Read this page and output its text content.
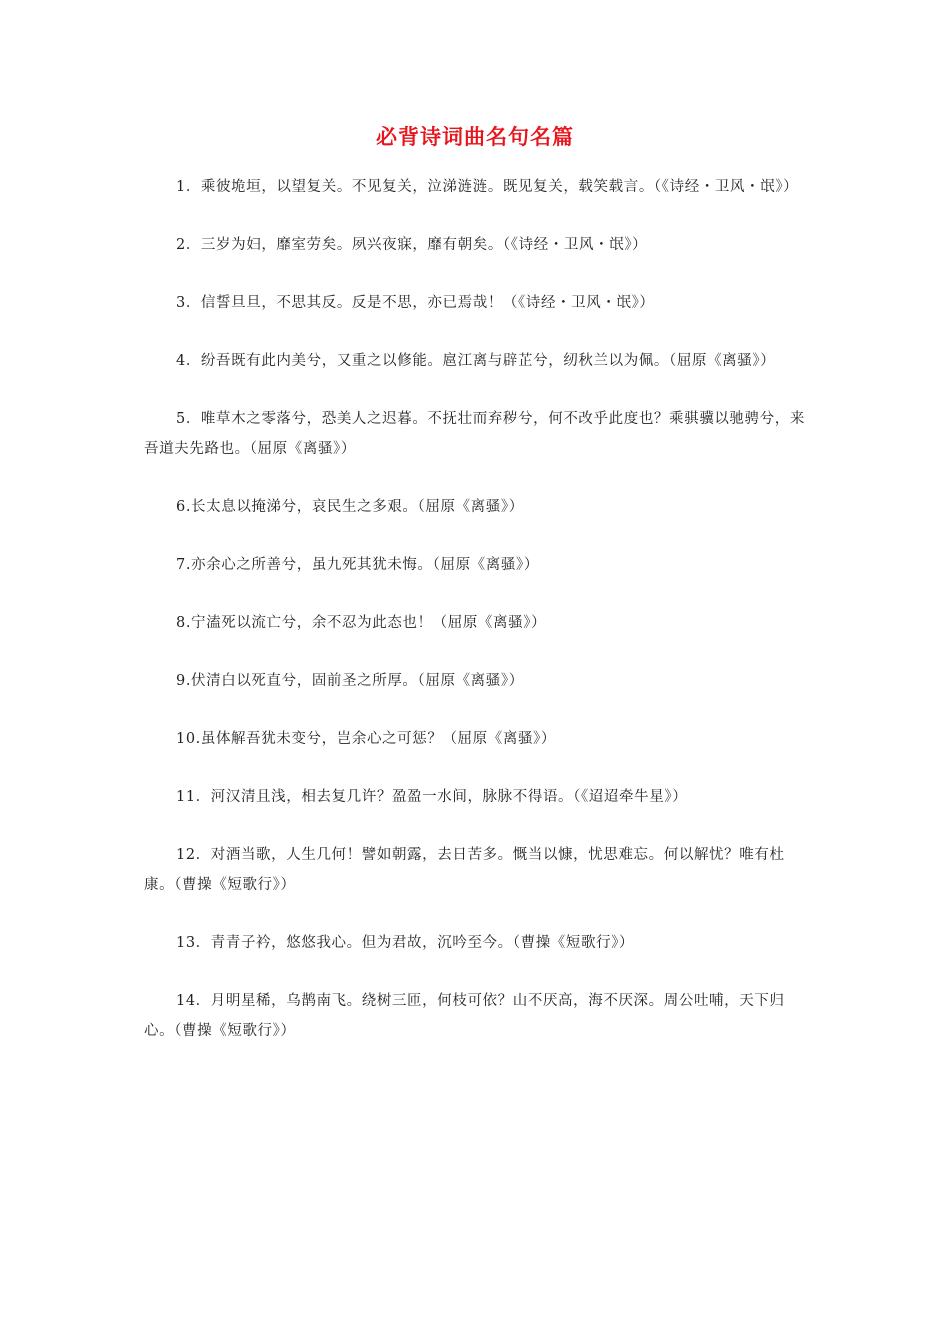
必背诗词曲名句名篇

1．乘彼垝垣，以望复关。不见复关，泣涕涟涟。既见复关，载笑载言。（《诗经・卫风・氓》）

2．三岁为妇，靡室劳矣。夙兴夜寐，靡有朝矣。（《诗经・卫风・氓》）

3．信誓旦旦，不思其反。反是不思，亦已焉哉！（《诗经・卫风・氓》）

4．纷吾既有此内美兮，又重之以修能。扈江离与辟芷兮，纫秋兰以为佩。（屈原《离骚》）

5．唯草木之零落兮，恐美人之迟暮。不抚壮而弃秽兮，何不改乎此度也？乘骐骥以驰骋兮，来吾道夫先路也。（屈原《离骚》）

6.长太息以掩涕兮，哀民生之多艰。（屈原《离骚》）

7.亦余心之所善兮，虽九死其犹未悔。（屈原《离骚》）

8.宁溘死以流亡兮，余不忍为此态也！（屈原《离骚》）

9.伏清白以死直兮，固前圣之所厚。（屈原《离骚》）

10.虽体解吾犹未变兮，岂余心之可惩？（屈原《离骚》）

11．河汉清且浅，相去复几许？盈盈一水间，脉脉不得语。（《迢迢牵牛星》）

12．对酒当歌，人生几何！譬如朝露，去日苦多。慨当以慷，忧思难忘。何以解忧？唯有杜康。（曹操《短歌行》）

13．青青子衿，悠悠我心。但为君故，沉吟至今。（曹操《短歌行》）

14．月明星稀，乌鹊南飞。绕树三匝，何枝可依？山不厌高，海不厌深。周公吐哺，天下归心。（曹操《短歌行》）
